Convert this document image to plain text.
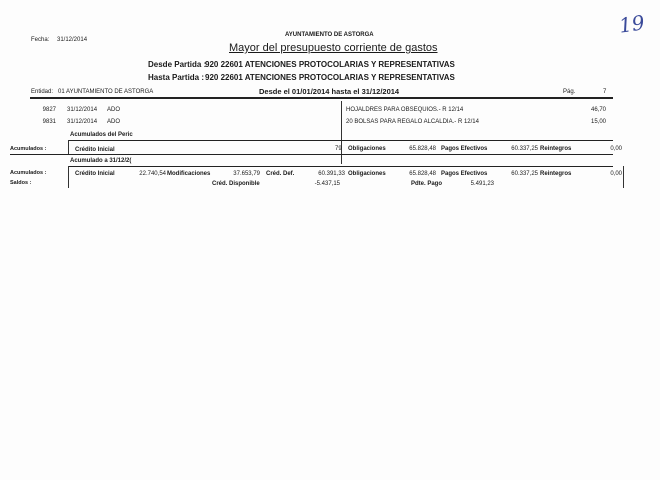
Fecha: 31/12/2014
AYUNTAMIENTO DE ASTORGA	19
Mayor del presupuesto corriente de gastos
Desde Partida :
920 22601 ATENCIONES PROTOCOLARIAS Y REPRESENTATIVAS
Hasta Partida : 920 22601 ATENCIONES PROTOCOLARIAS Y REPRESENTATIVAS
Entidad: 01 AYUNTAMIENTO DE ASTORGA	Desde el 01/01/2014 hasta el 31/12/2014	Pág.	7
9827 31/12/2014 ADO	HOJALDRES PARA OBSEQUIOS.- R 12/14	46,70
9831 31/12/2014 ADO	20 BOLSAS PARA REGALO ALCALDIA.- R 12/14	15,00
Acumulados del Peric
Acumulados :	Crédito Inicial	79 Obligaciones	65.828,48 Pagos Efectivos	60.337,25 Reintegros	0,00
Acumulado a 31/12/2(
Acumulados :	Crédito Inicial	22.740,54 Modificaciones	37.653,79 Créd. Def.	60.391,33 Obligaciones	65.828,48 Pagos Efectivos	60.337,25 Reintegros	0,00
Saldos :	Créd. Disponible	-5.437,15	Pdte. Pago	5.491,23
